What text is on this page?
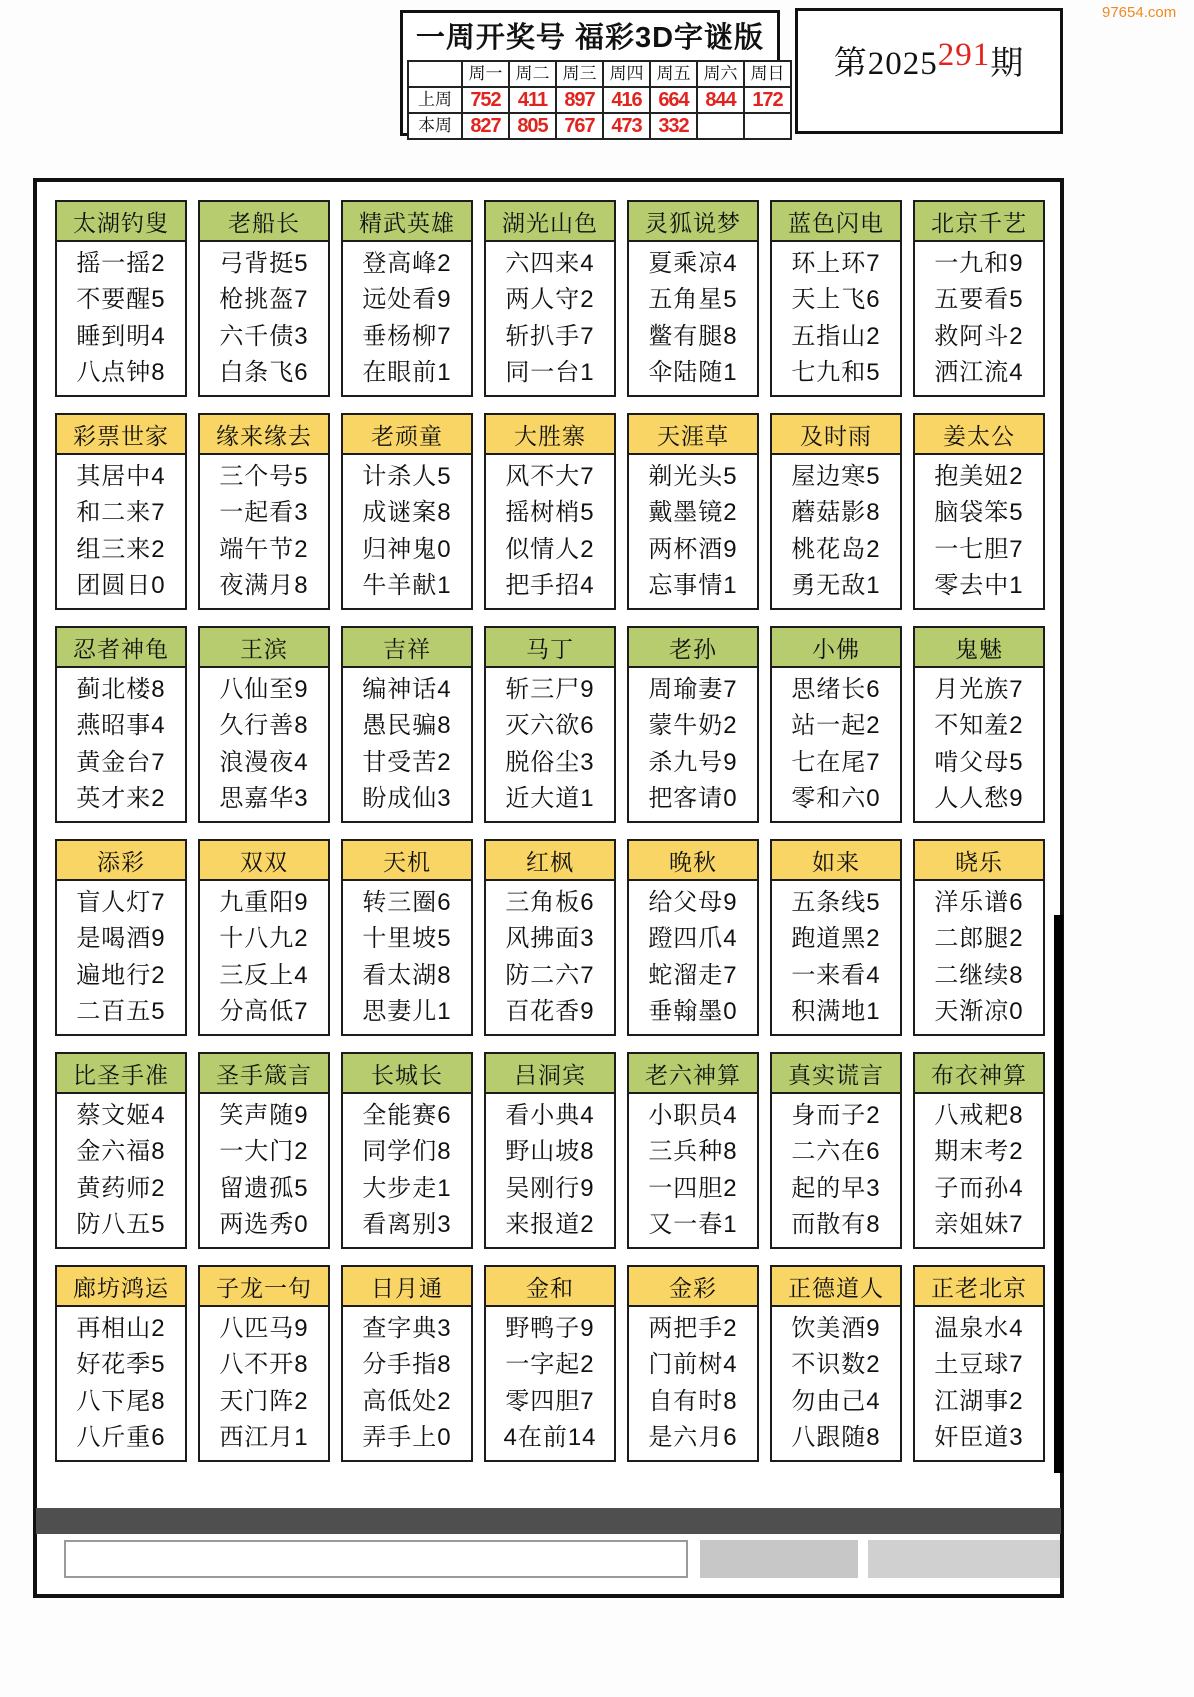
一周开奖号 福彩3D字谜版
周一 周二 周三 周四 周五 周六 周日
上周 752 411 897 416 664 844 172
本周 827 805 767 473 332
第2025 291 期
97654.com
太湖钓叟
摇一摇2
不要醒5
睡到明4
八点钟8
老船长
弓背挺5
枪挑盔7
六千债3
白条飞6
精武英雄
登高峰2
远处看9
垂杨柳7
在眼前1
湖光山色
六四来4
两人守2
斩扒手7
同一台1
灵狐说梦
夏乘凉4
五角星5
鳖有腿8
伞陆随1
蓝色闪电
环上环7
天上飞6
五指山2
七九和5
北京千艺
一九和9
五要看5
救阿斗2
洒江流4
彩票世家
其居中4
和二来7
组三来2
团圆日0
缘来缘去
三个号5
一起看3
端午节2
夜满月8
老顽童
计杀人5
成谜案8
归神鬼0
牛羊献1
大胜寨
风不大7
摇树梢5
似情人2
把手招4
天涯草
剃光头5
戴墨镜2
两杯酒9
忘事情1
及时雨
屋边寒5
蘑菇影8
桃花岛2
勇无敌1
姜太公
抱美妞2
脑袋笨5
一七胆7
零去中1
忍者神龟
蓟北楼8
燕昭事4
黄金台7
英才来2
王滨
八仙至9
久行善8
浪漫夜4
思嘉华3
吉祥
编神话4
愚民骗8
甘受苦2
盼成仙3
马丁
斩三尸9
灭六欲6
脱俗尘3
近大道1
老孙
周瑜妻7
蒙牛奶2
杀九号9
把客请0
小佛
思绪长6
站一起2
七在尾7
零和六0
鬼魅
月光族7
不知羞2
啃父母5
人人愁9
添彩
盲人灯7
是喝酒9
遍地行2
二百五5
双双
九重阳9
十八九2
三反上4
分高低7
天机
转三圈6
十里坡5
看太湖8
思妻儿1
红枫
三角板6
风拂面3
防二六7
百花香9
晚秋
给父母9
蹬四爪4
蛇溜走7
垂翰墨0
如来
五条线5
跑道黑2
一来看4
积满地1
晓乐
洋乐谱6
二郎腿2
二继续8
天渐凉0
比圣手准
蔡文姬4
金六福8
黄药师2
防八五5
圣手箴言
笑声随9
一大门2
留遗孤5
两选秀0
长城长
全能赛6
同学们8
大步走1
看离别3
吕洞宾
看小典4
野山坡8
吴刚行9
来报道2
老六神算
小职员4
三兵种8
一四胆2
又一春1
真实谎言
身而子2
二六在6
起的早3
而散有8
布衣神算
八戒耙8
期末考2
子而孙4
亲姐妹7
廊坊鸿运
再相山2
好花季5
八下尾8
八斤重6
子龙一句
八匹马9
八不开8
天门阵2
西江月1
日月通
查字典3
分手指8
高低处2
弄手上0
金和
野鸭子9
一字起2
零四胆7
4在前14
金彩
两把手2
门前树4
自有时8
是六月6
正德道人
饮美酒9
不识数2
勿由己4
八跟随8
正老北京
温泉水4
土豆球7
江湖事2
奸臣道3
